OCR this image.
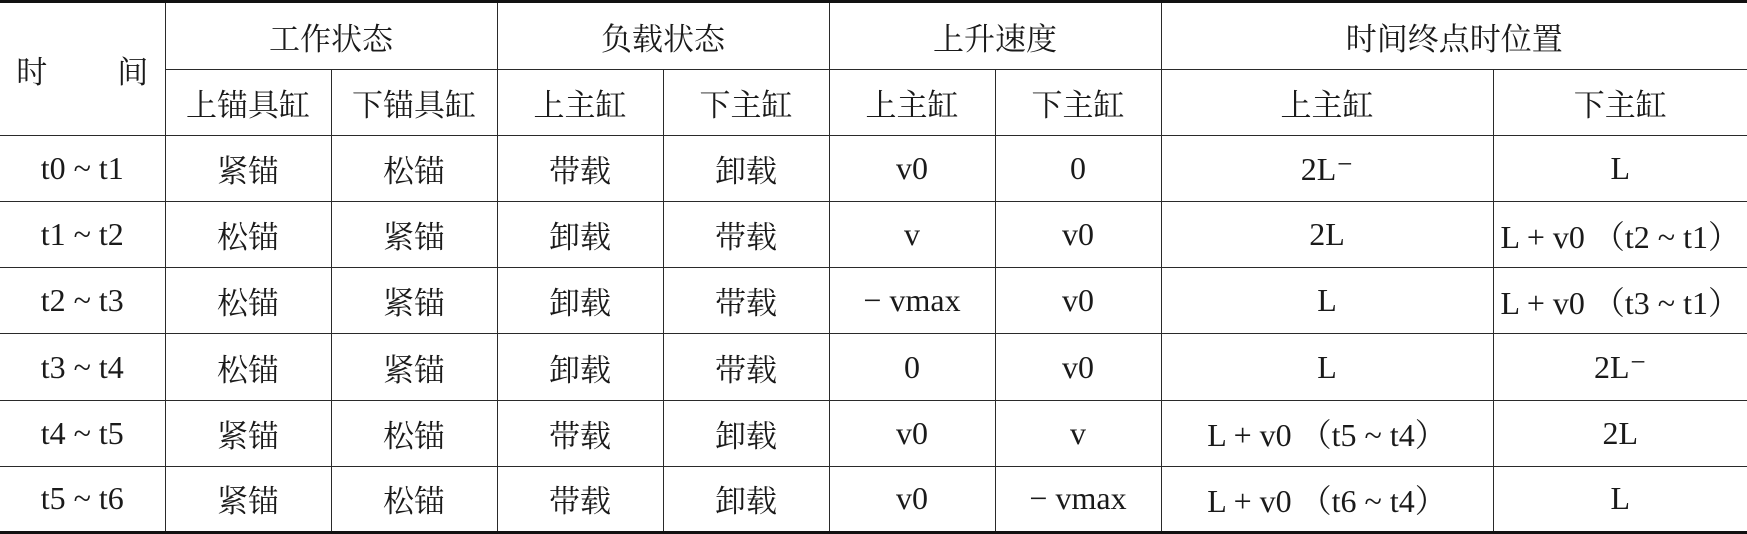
时 间	工作状态		负载状态		上升速度		时间终点时位置	
	上锚具缸	下锚具缸	上主缸	下主缸	上主缸	下主缸	上主缸	下主缸
t0 ~ t1	紧锚	松锚	带载	卸载	v0	0	2L⁻	L
t1 ~ t2	松锚	紧锚	卸载	带载	v	v0	2L	L + v0 （t2 ~ t1）
t2 ~ t3	松锚	紧锚	卸载	带载	− vmax	v0	L	L + v0 （t3 ~ t1）
t3 ~ t4	松锚	紧锚	卸载	带载	0	v0	L	2L⁻
t4 ~ t5	紧锚	松锚	带载	卸载	v0	v	L + v0 （t5 ~ t4）	2L
t5 ~ t6	紧锚	松锚	带载	卸载	v0	− vmax	L + v0 （t6 ~ t4）	L
